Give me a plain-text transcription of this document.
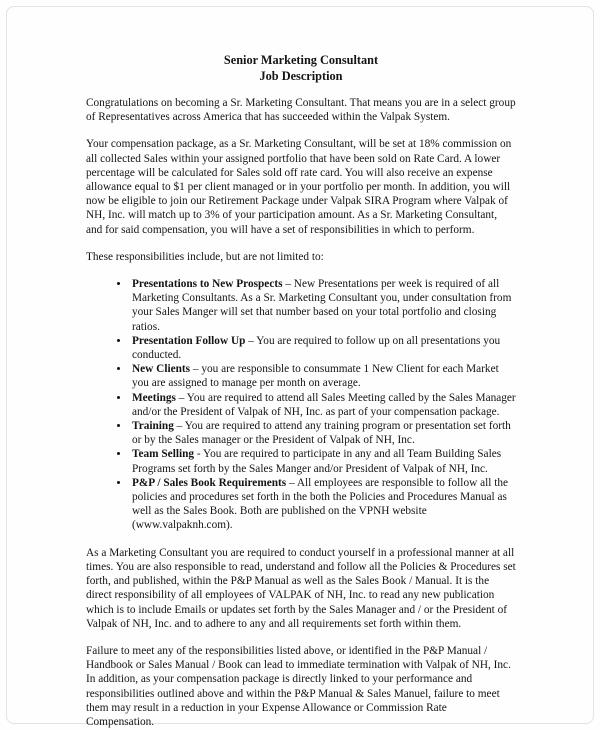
Senior Marketing Consultant
Job Description

Congratulations on becoming a Sr. Marketing Consultant. That means you are in a select group of Representatives across America that has succeeded within the Valpak System.

Your compensation package, as a Sr. Marketing Consultant, will be set at 18% commission on all collected Sales within your assigned portfolio that have been sold on Rate Card. A lower percentage will be calculated for Sales sold off rate card. You will also receive an expense allowance equal to $1 per client managed or in your portfolio per month. In addition, you will now be eligible to join our Retirement Package under Valpak SIRA Program where Valpak of NH, Inc. will match up to 3% of your participation amount. As a Sr. Marketing Consultant, and for said compensation, you will have a set of responsibilities in which to perform.

These responsibilities include, but are not limited to:

• Presentations to New Prospects – New Presentations per week is required of all Marketing Consultants. As a Sr. Marketing Consultant you, under consultation from your Sales Manger will set that number based on your total portfolio and closing ratios.
• Presentation Follow Up – You are required to follow up on all presentations you conducted.
• New Clients – you are responsible to consummate 1 New Client for each Market you are assigned to manage per month on average.
• Meetings – You are required to attend all Sales Meeting called by the Sales Manager and/or the President of Valpak of NH, Inc. as part of your compensation package.
• Training – You are required to attend any training program or presentation set forth or by the Sales manager or the President of Valpak of NH, Inc.
• Team Selling - You are required to participate in any and all Team Building Sales Programs set forth by the Sales Manger and/or President of Valpak of NH, Inc.
• P&P / Sales Book Requirements – All employees are responsible to follow all the policies and procedures set forth in the both the Policies and Procedures Manual as well as the Sales Book. Both are published on the VPNH website (www.valpaknh.com).

As a Marketing Consultant you are required to conduct yourself in a professional manner at all times. You are also responsible to read, understand and follow all the Policies & Procedures set forth, and published, within the P&P Manual as well as the Sales Book / Manual. It is the direct responsibility of all employees of VALPAK of NH, Inc. to read any new publication which is to include Emails or updates set forth by the Sales Manager and / or the President of Valpak of NH, Inc. and to adhere to any and all requirements set forth within them.

Failure to meet any of the responsibilities listed above, or identified in the P&P Manual / Handbook or Sales Manual / Book can lead to immediate termination with Valpak of NH, Inc. In addition, as your compensation package is directly linked to your performance and responsibilities outlined above and within the P&P Manual & Sales Manuel, failure to meet them may result in a reduction in your Expense Allowance or Commission Rate Compensation.
